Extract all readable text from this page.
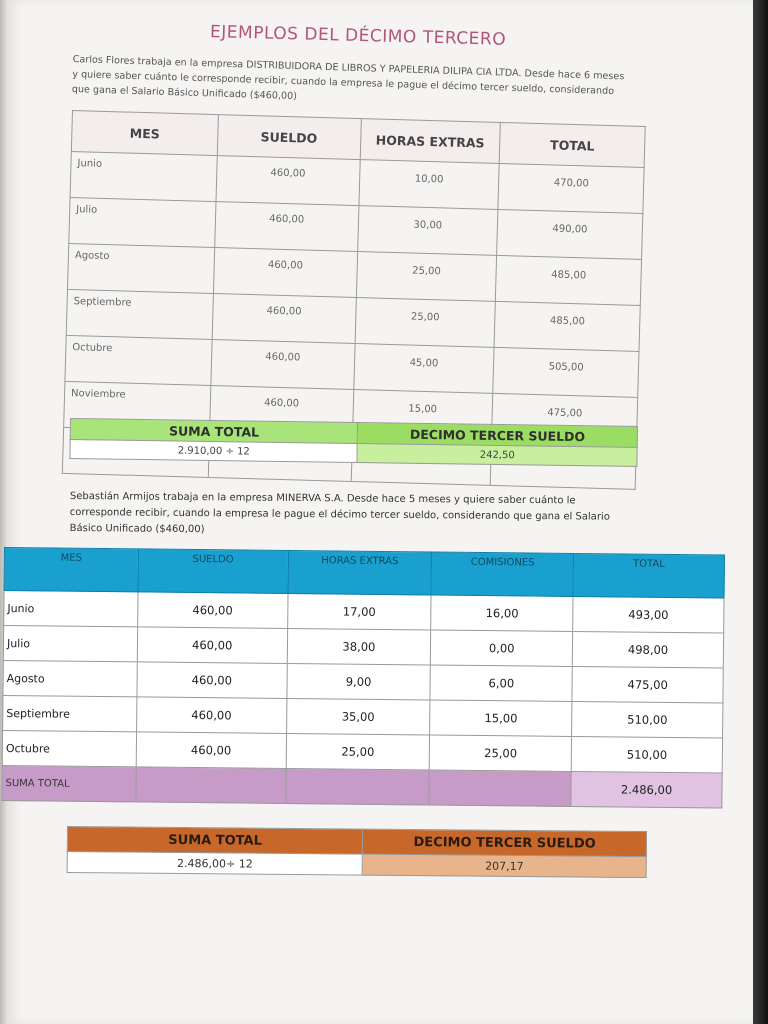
EJEMPLOS DEL DÉCIMO TERCERO
Carlos Flores trabaja en la empresa DISTRIBUIDORA DE LIBROS Y PAPELERIA DILIPA CIA LTDA. Desde hace 6 meses y quiere saber cuánto le corresponde recibir, cuando la empresa le pague el décimo tercer sueldo, considerando que gana el Salario Básico Unificado ($460,00)
MES	SUELDO	HORAS EXTRAS	TOTAL
Junio	460,00	10,00	470,00
Julio	460,00	30,00	490,00
Agosto	460,00	25,00	485,00
Septiembre	460,00	25,00	485,00
Octubre	460,00	45,00	505,00
Noviembre	460,00	15,00	475,00

SUMA TOTAL	DECIMO TERCER SUELDO
2.910,00 ÷ 12	242,50
Sebastián Armijos trabaja en la empresa MINERVA S.A. Desde hace 5 meses y quiere saber cuánto le corresponde recibir, cuando la empresa le pague el décimo tercer sueldo, considerando que gana el Salario Básico Unificado ($460,00)
MES	SUELDO	HORAS EXTRAS	COMISIONES	TOTAL
Junio	460,00	17,00	16,00	493,00
Julio	460,00	38,00	0,00	498,00
Agosto	460,00	9,00	6,00	475,00
Septiembre	460,00	35,00	15,00	510,00
Octubre	460,00	25,00	25,00	510,00
SUMA TOTAL				2.486,00
SUMA TOTAL	DECIMO TERCER SUELDO
2.486,00÷ 12	207,17
